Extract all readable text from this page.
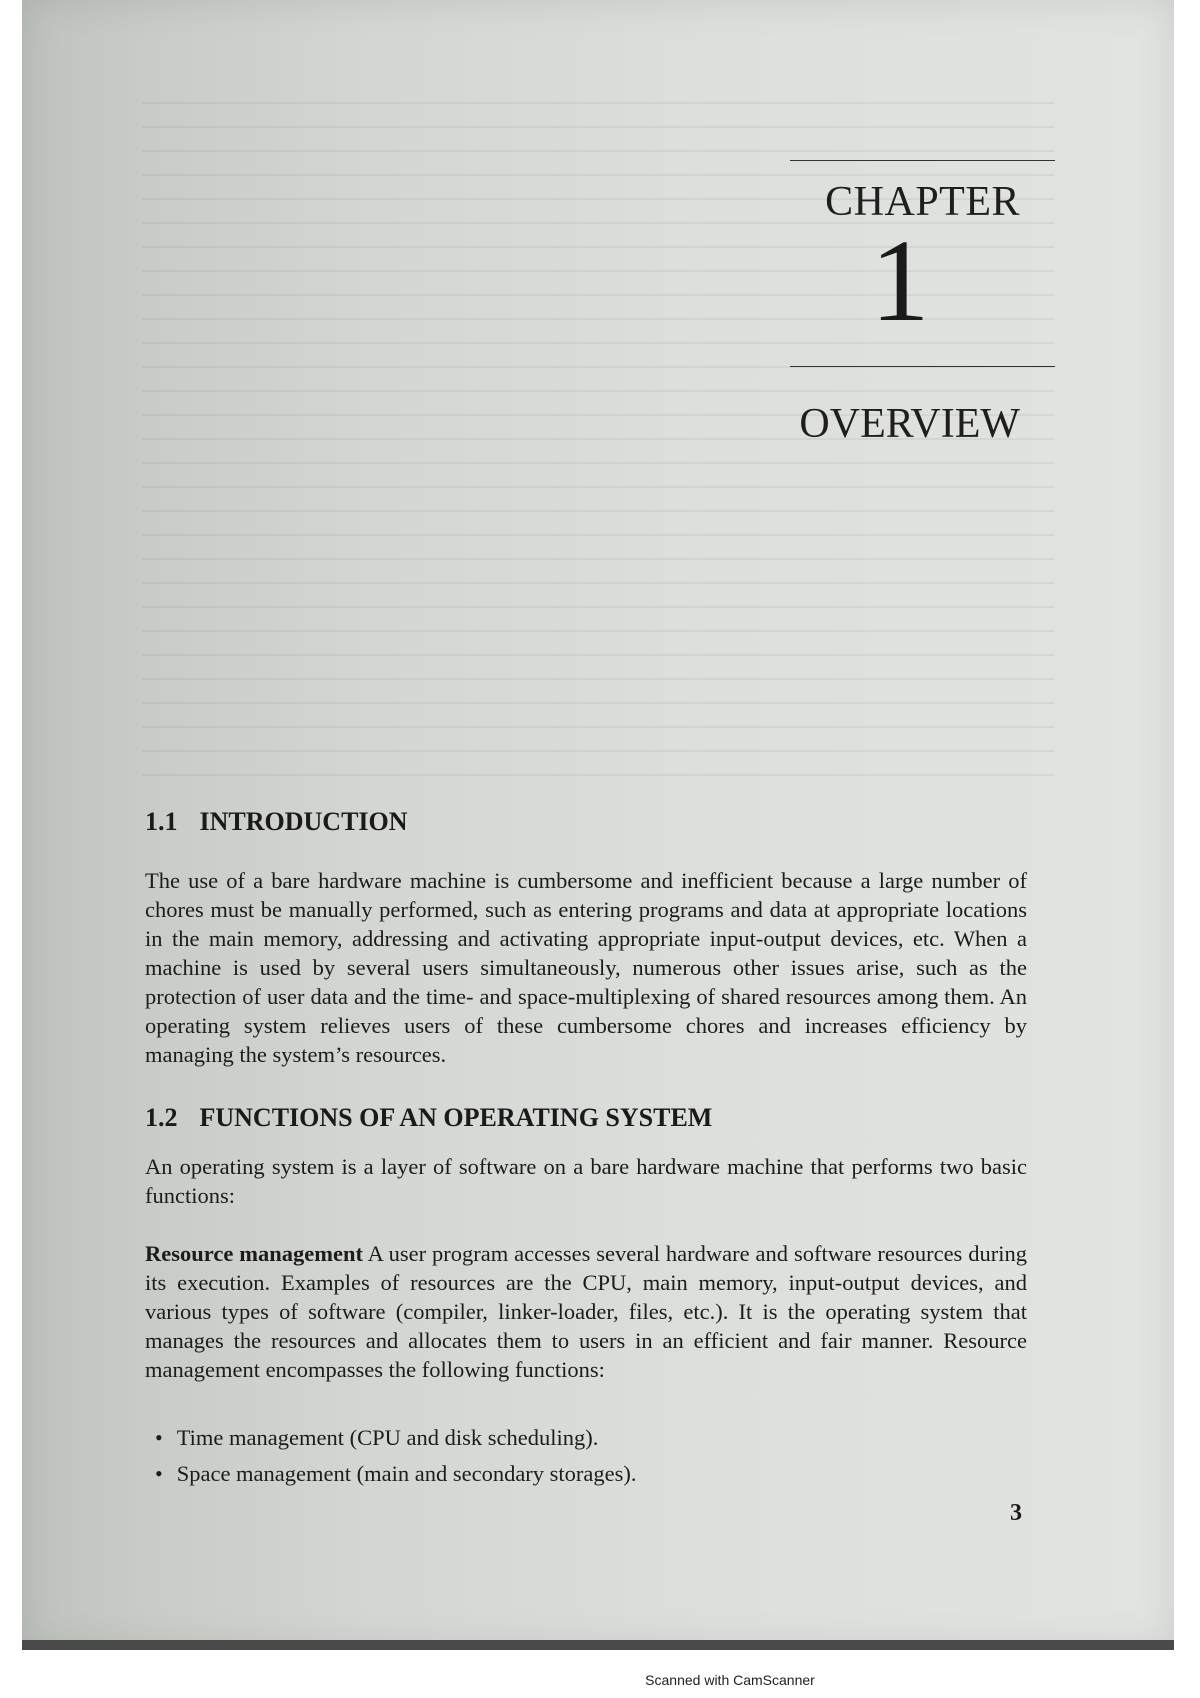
CHAPTER
1
OVERVIEW
1.1 INTRODUCTION
The use of a bare hardware machine is cumbersome and inefficient because a large number of chores must be manually performed, such as entering programs and data at appropriate locations in the main memory, addressing and activating appropriate input-output devices, etc. When a machine is used by several users simultaneously, numerous other issues arise, such as the protection of user data and the time- and space-multiplexing of shared resources among them. An operating system relieves users of these cumbersome chores and increases efficiency by managing the system’s resources.
1.2 FUNCTIONS OF AN OPERATING SYSTEM
An operating system is a layer of software on a bare hardware machine that performs two basic functions:
Resource management A user program accesses several hardware and software resources during its execution. Examples of resources are the CPU, main memory, input-output devices, and various types of software (compiler, linker-loader, files, etc.). It is the operating system that manages the resources and allocates them to users in an efficient and fair manner. Resource management encompasses the following functions:
• Time management (CPU and disk scheduling).
• Space management (main and secondary storages).
3
Scanned with CamScanner
